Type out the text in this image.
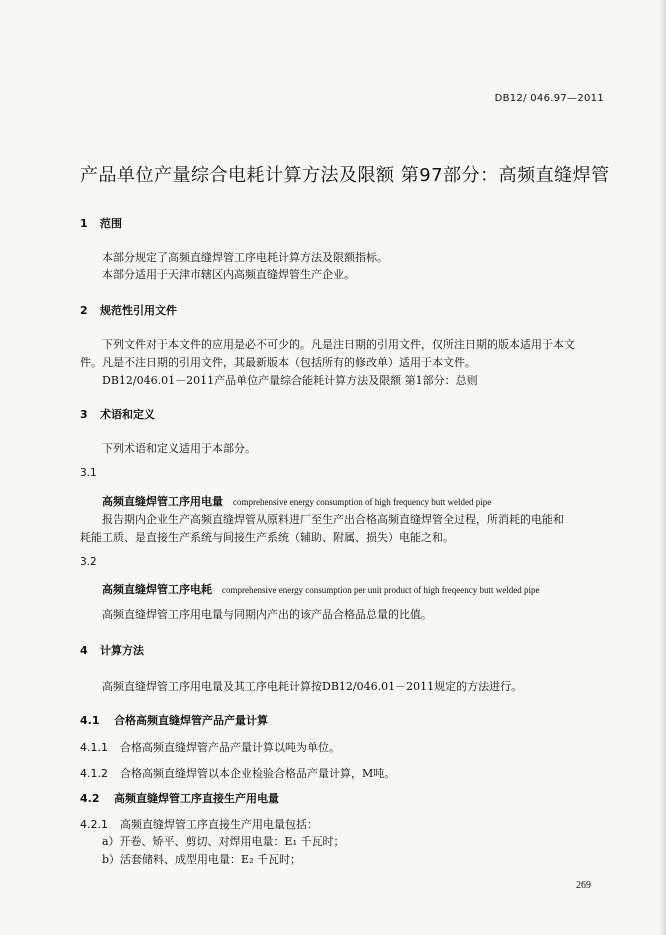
DB12/ 046.97—2011
产品单位产量综合电耗计算方法及限额 第97部分：高频直缝焊管
1 范围
本部分规定了高频直缝焊管工序电耗计算方法及限额指标。
本部分适用于天津市辖区内高频直缝焊管生产企业。
2 规范性引用文件
下列文件对于本文件的应用是必不可少的。凡是注日期的引用文件，仅所注日期的版本适用于本文
件。凡是不注日期的引用文件，其最新版本（包括所有的修改单）适用于本文件。
DB12/046.01－2011产品单位产量综合能耗计算方法及限额 第1部分：总则
3 术语和定义
下列术语和定义适用于本部分。
3.1
高频直缝焊管工序用电量 comprehensive energy consumption of high frequency butt welded pipe
报告期内企业生产高频直缝焊管从原料进厂至生产出合格高频直缝焊管全过程，所消耗的电能和
耗能工质、是直接生产系统与间接生产系统（辅助、附属、损失）电能之和。
3.2
高频直缝焊管工序电耗 comprehensive energy consumption per unit product of high freqeency butt welded pipe
高频直缝焊管工序用电量与同期内产出的该产品合格品总量的比值。
4 计算方法
高频直缝焊管工序用电量及其工序电耗计算按DB12/046.01－2011规定的方法进行。
4.1 合格高频直缝焊管产品产量计算
4.1.1 合格高频直缝焊管产品产量计算以吨为单位。
4.1.2 合格高频直缝焊管以本企业检验合格品产量计算，M吨。
4.2 高频直缝焊管工序直接生产用电量
4.2.1 高频直缝焊管工序直接生产用电量包括：
a）开卷、矫平、剪切、对焊用电量：E₁ 千瓦时；
b）活套储料、成型用电量：E₂ 千瓦时；
269
